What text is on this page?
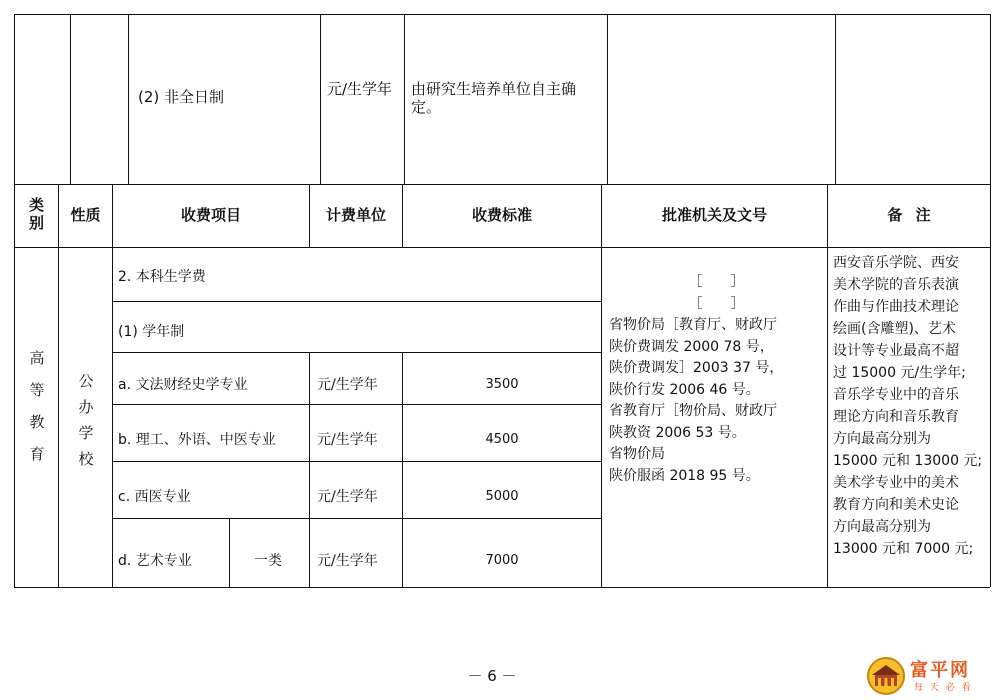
(2) 非全日制	元/生学年	由研究生培养单位自主确定。
类别	性质	收费项目	计费单位	收费标准	批准机关及文号	备 注
高等教育
公办学校
2. 本科生学费
(1) 学年制
a. 文法财经史学专业	元/生学年	3500
b. 理工、外语、中医专业	元/生学年	4500
c. 西医专业	元/生学年	5000
d. 艺术专业	一类	元/生学年	7000
［　　］
［　　］
省物价局［教育厅、财政厅
陕价费调发 2000 78 号，
陕价费调发］2003 37 号，
陕价行发 2006 46 号。
省教育厅［物价局、财政厅
陕教资 2006 53 号。
省物价局
陕价服函 2018 95 号。
西安音乐学院、西安
美术学院的音乐表演
作曲与作曲技术理论
绘画(含雕塑)、艺术
设计等专业最高不超
过 15000 元/生学年;
音乐学专业中的音乐
理论方向和音乐教育
方向最高分别为
15000 元和 13000 元;
美术学专业中的美术
教育方向和美术史论
方向最高分别为
13000 元和 7000 元;
－ 6 －	富平网
每 天 必 看
